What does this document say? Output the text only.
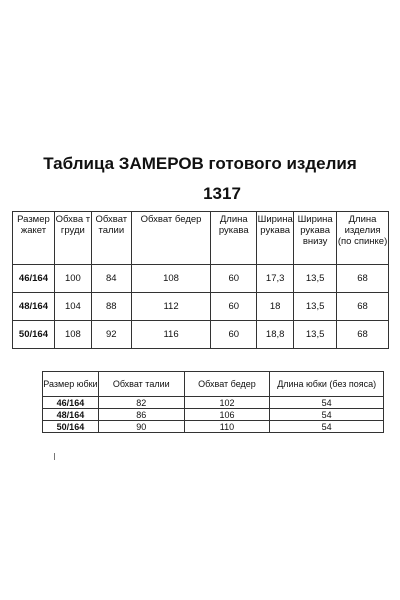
Таблица ЗАМЕРОВ готового изделия
1317
Размер жакет	Обхва т груди	Обхват талии	Обхват бедер	Длина рукава	Ширина рукава	Ширина рукава внизу	Длина изделия (по спинке)
46/164	100	84	108	60	17,3	13,5	68
48/164	104	88	112	60	18	13,5	68
50/164	108	92	116	60	18,8	13,5	68
Размер юбки	Обхват талии	Обхват бедер	Длина юбки (без пояса)
46/164	82	102	54
48/164	86	106	54
50/164	90	110	54
